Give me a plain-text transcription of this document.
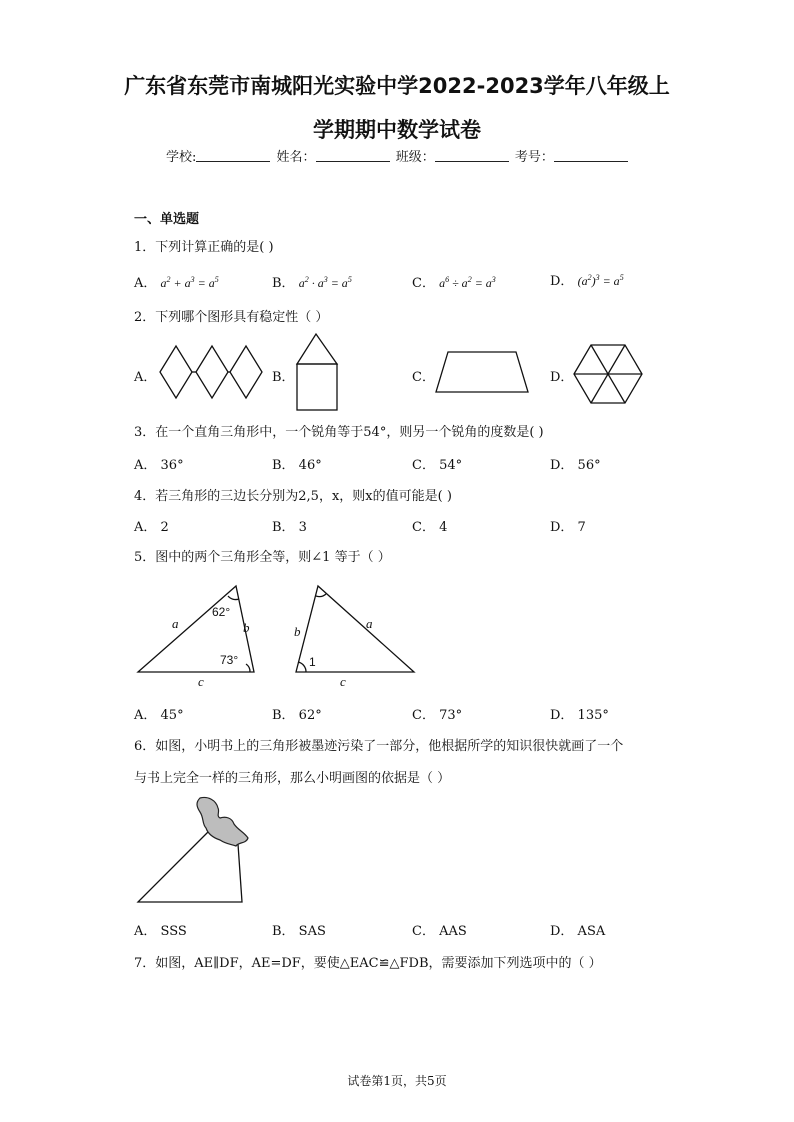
广东省东莞市南城阳光实验中学2022-2023学年八年级上
学期期中数学试卷
学校:	姓名：	班级：	考号：
一、单选题
1．下列计算正确的是( )
A． $a^2 + a^3 = a^5$	B． $a^2 \cdot a^3 = a^5$	C． $a^6 \div a^2 = a^3$	D． $(a^2)^3 = a^5$
2．下列哪个图形具有稳定性（ ）
A．	B．	C．	D．
3．在一个直角三角形中，一个锐角等于54°，则另一个锐角的度数是( )
A． 36°	B． 46°	C． 54°	D． 56°
4．若三角形的三边长分别为2,5，x，则x的值可能是( )
A． 2	B． 3	C． 4	D． 7
5．图中的两个三角形全等，则∠1 等于（ ）
a	b
c
62°
73°
b
a
c
1
A． 45°	B． 62°	C． 73°	D． 135°
6．如图，小明书上的三角形被墨迹污染了一部分，他根据所学的知识很快就画了一个
与书上完全一样的三角形，那么小明画图的依据是（ ）
A． SSS	B． SAS	C． AAS	D． ASA
7．如图，AE∥DF，AE=DF，要使△EAC≌△FDB，需要添加下列选项中的（ ）
试卷第1页，共5页
